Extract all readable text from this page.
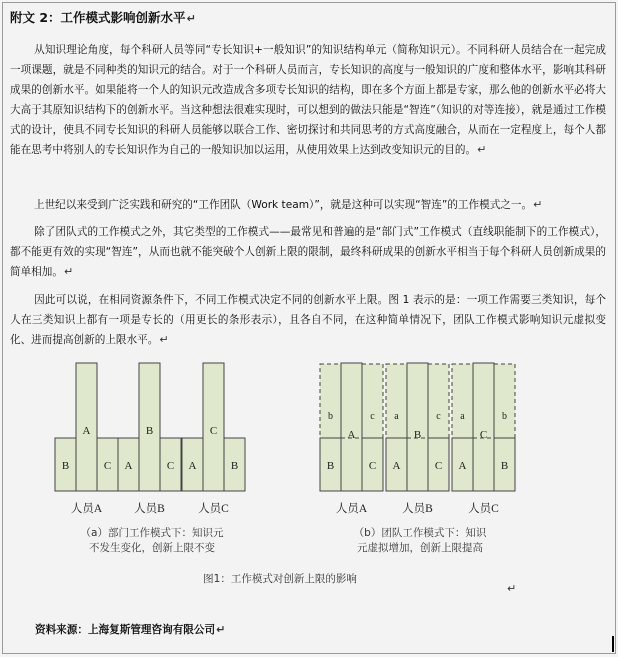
附文 2：工作模式影响创新水平↵

从知识理论角度，每个科研人员等同“专长知识+一般知识”的知识结构单元（简称知识元）。不同科研人员结合在一起完成一项课题，就是不同种类的知识元的结合。对于一个科研人员而言，专长知识的高度与一般知识的广度和整体水平，影响其科研成果的创新水平。如果能将一个人的知识元改造成含多项专长知识的结构，即在多个方面上都是专家，那么他的创新水平必将大大高于其原知识结构下的创新水平。当这种想法很难实现时，可以想到的做法只能是“智连”（知识的对等连接），就是通过工作模式的设计，使具不同专长知识的科研人员能够以联合工作、密切探讨和共同思考的方式高度融合，从而在一定程度上，每个人都能在思考中将别人的专长知识作为自己的一般知识加以运用，从使用效果上达到改变知识元的目的。↵

上世纪以来受到广泛实践和研究的“工作团队（Work team）”，就是这种可以实现“智连”的工作模式之一。↵

除了团队式的工作模式之外，其它类型的工作模式——最常见和普遍的是“部门式”工作模式（直线职能制下的工作模式），都不能更有效的实现“智连”，从而也就不能突破个人创新上限的限制，最终科研成果的创新水平相当于每个科研人员创新成果的简单相加。↵

因此可以说，在相同资源条件下，不同工作模式决定不同的创新水平上限。图 1 表示的是：一项工作需要三类知识，每个人在三类知识上都有一项是专长的（用更长的条形表示），且各自不同，在这种简单情况下，团队工作模式影响知识元虚拟变化、进而提高创新的上限水平。↵

B
A
C
人员A
A
B
C
人员B
A
C
B
人员C
b	c
A
B	C
人员A
a	c
B
A	C
人员B
a	b
C
A	B
人员C
（a）部门工作模式下：知识元
不发生变化，创新上限不变
（b）团队工作模式下：知识
元虚拟增加，创新上限提高
图1：工作模式对创新上限的影响
↵
资料来源：上海复斯管理咨询有限公司↵
